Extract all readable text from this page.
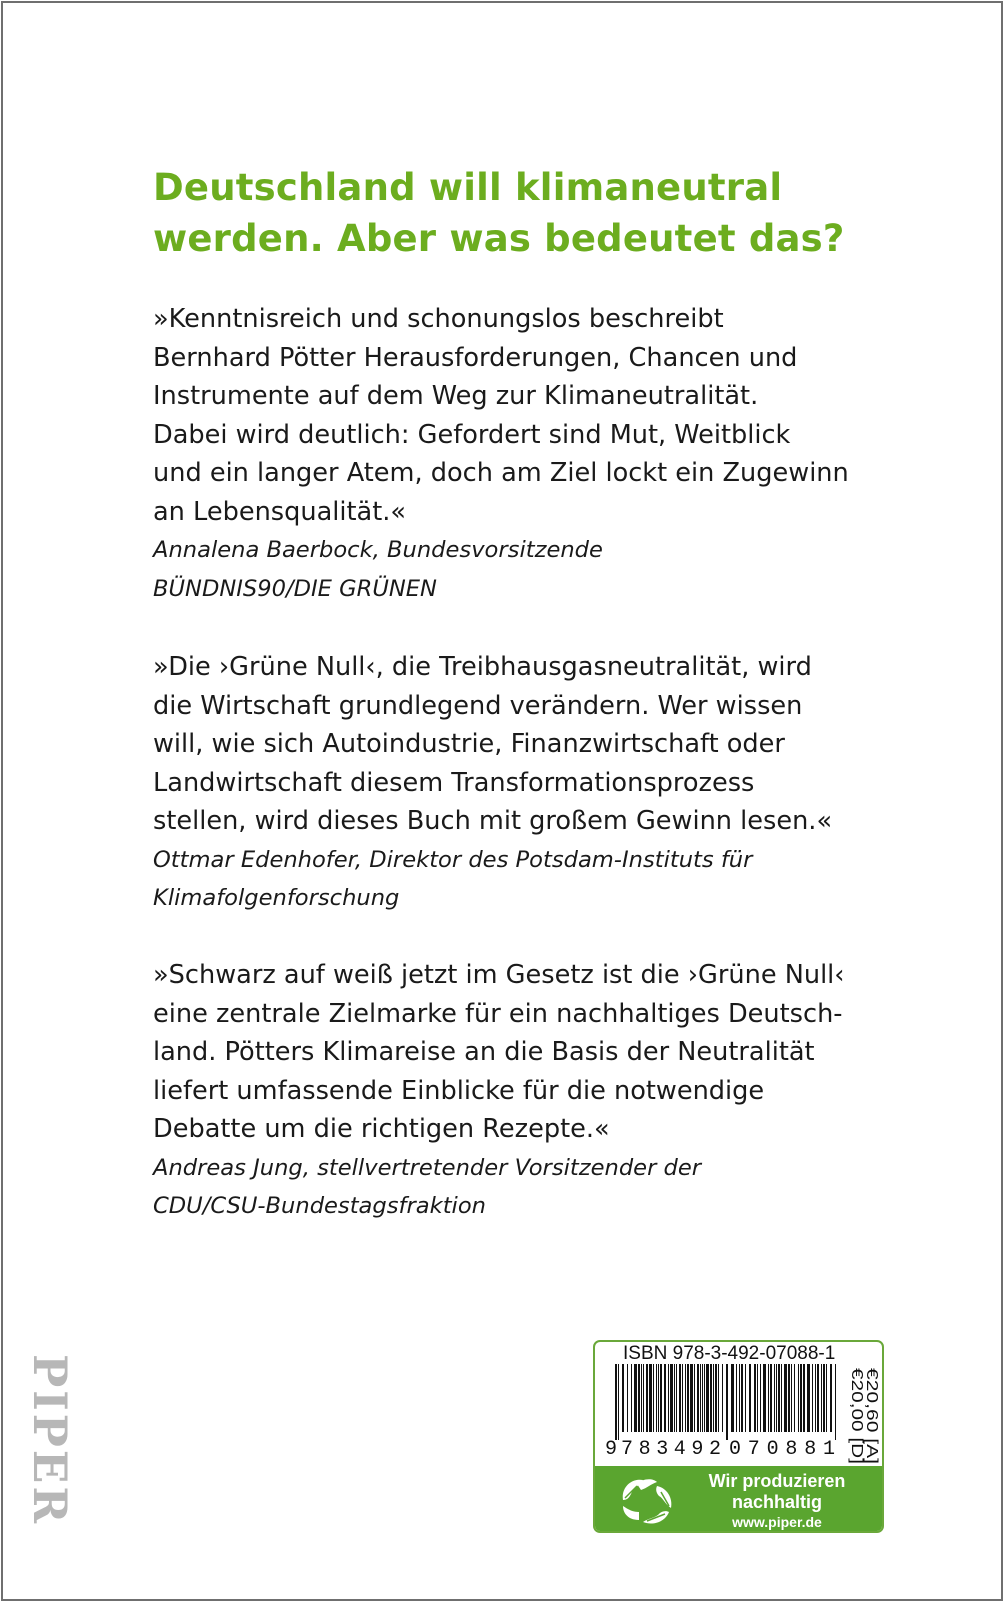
Deutschland will klimaneutral
werden. Aber was bedeutet das?
»Kenntnisreich und schonungslos beschreibt
Bernhard Pötter Herausforderungen, Chancen und
Instrumente auf dem Weg zur Klimaneutralität.
Dabei wird deutlich: Gefordert sind Mut, Weitblick
und ein langer Atem, doch am Ziel lockt ein Zugewinn
an Lebensqualität.«
Annalena Baerbock, Bundesvorsitzende
BÜNDNIS90/DIE GRÜNEN
»Die ›Grüne Null‹, die Treibhausgasneutralität, wird
die Wirtschaft grundlegend verändern. Wer wissen
will, wie sich Autoindustrie, Finanzwirtschaft oder
Landwirtschaft diesem Transformationsprozess
stellen, wird dieses Buch mit großem Gewinn lesen.«
Ottmar Edenhofer, Direktor des Potsdam-Instituts für
Klimafolgenforschung
»Schwarz auf weiß jetzt im Gesetz ist die ›Grüne Null‹
eine zentrale Zielmarke für ein nachhaltiges Deutsch-
land. Pötters Klimareise an die Basis der Neutralität
liefert umfassende Einblicke für die notwendige
Debatte um die richtigen Rezepte.«
Andreas Jung, stellvertretender Vorsitzender der
CDU/CSU-Bundestagsfraktion
PIPER
ISBN 978-3-492-07088-1
9 783492 070881
€20,00 [D]
€20,60 [A]
Wir produzieren
nachhaltig
www.piper.de
